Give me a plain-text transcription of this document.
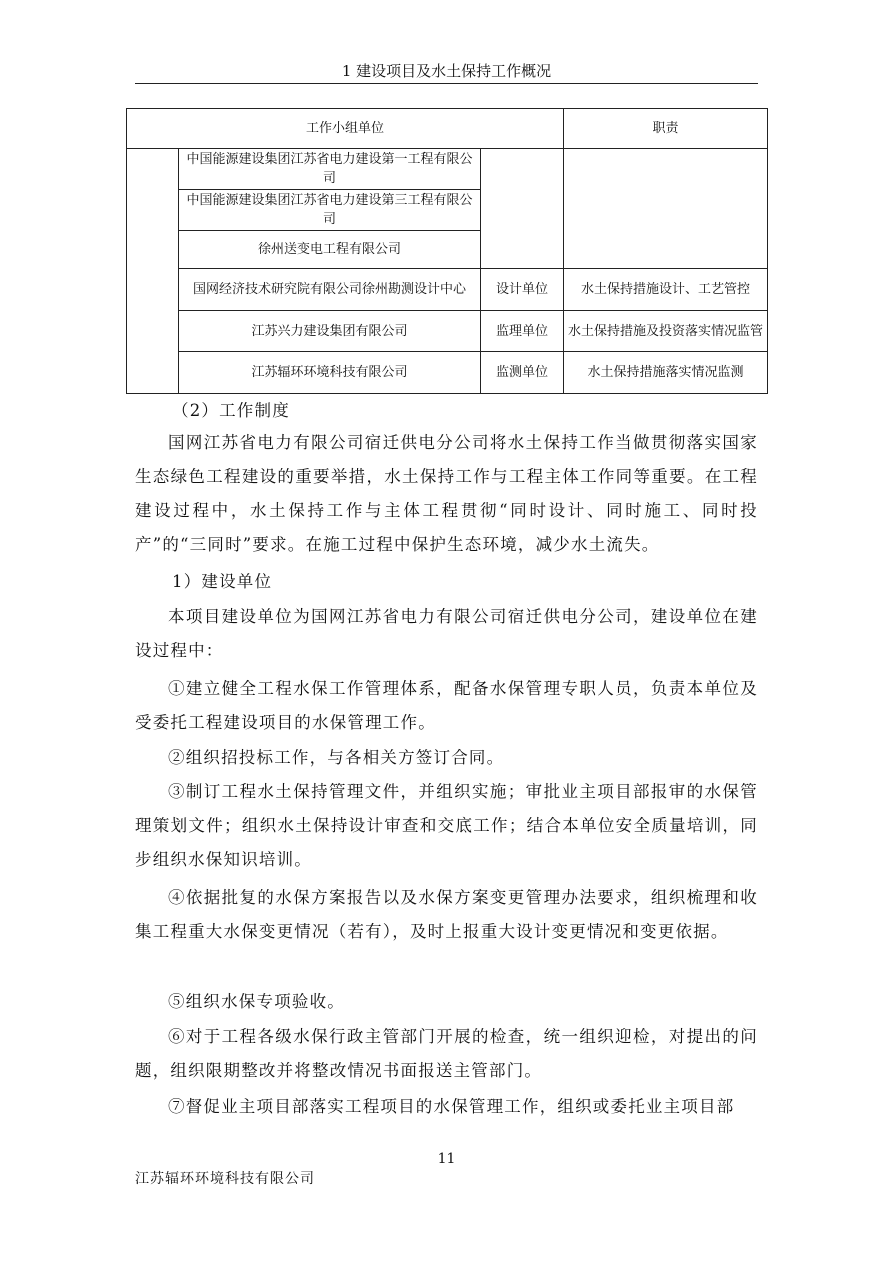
1 建设项目及水土保持工作概况
工作小组单位			职责
	中国能源建设集团江苏省电力建设第一工程有限公司		
	中国能源建设集团江苏省电力建设第三工程有限公司		
	徐州送变电工程有限公司		
	国网经济技术研究院有限公司徐州勘测设计中心	设计单位	水土保持措施设计、工艺管控
	江苏兴力建设集团有限公司	监理单位	水土保持措施及投资落实情况监管
	江苏辐环环境科技有限公司	监测单位	水土保持措施落实情况监测
（2）工作制度
国网江苏省电力有限公司宿迁供电分公司将水土保持工作当做贯彻落实国家生态绿色工程建设的重要举措，水土保持工作与工程主体工作同等重要。在工程建设过程中，水土保持工作与主体工程贯彻“同时设计、同时施工、同时投产”的“三同时”要求。在施工过程中保护生态环境，减少水土流失。
1）建设单位
本项目建设单位为国网江苏省电力有限公司宿迁供电分公司，建设单位在建设过程中：
①建立健全工程水保工作管理体系，配备水保管理专职人员，负责本单位及受委托工程建设项目的水保管理工作。
②组织招投标工作，与各相关方签订合同。
③制订工程水土保持管理文件，并组织实施；审批业主项目部报审的水保管理策划文件；组织水土保持设计审查和交底工作；结合本单位安全质量培训，同步组织水保知识培训。
④依据批复的水保方案报告以及水保方案变更管理办法要求，组织梳理和收集工程重大水保变更情况（若有），及时上报重大设计变更情况和变更依据。
⑤组织水保专项验收。
⑥对于工程各级水保行政主管部门开展的检查，统一组织迎检，对提出的问题，组织限期整改并将整改情况书面报送主管部门。
⑦督促业主项目部落实工程项目的水保管理工作，组织或委托业主项目部
11
江苏辐环环境科技有限公司
